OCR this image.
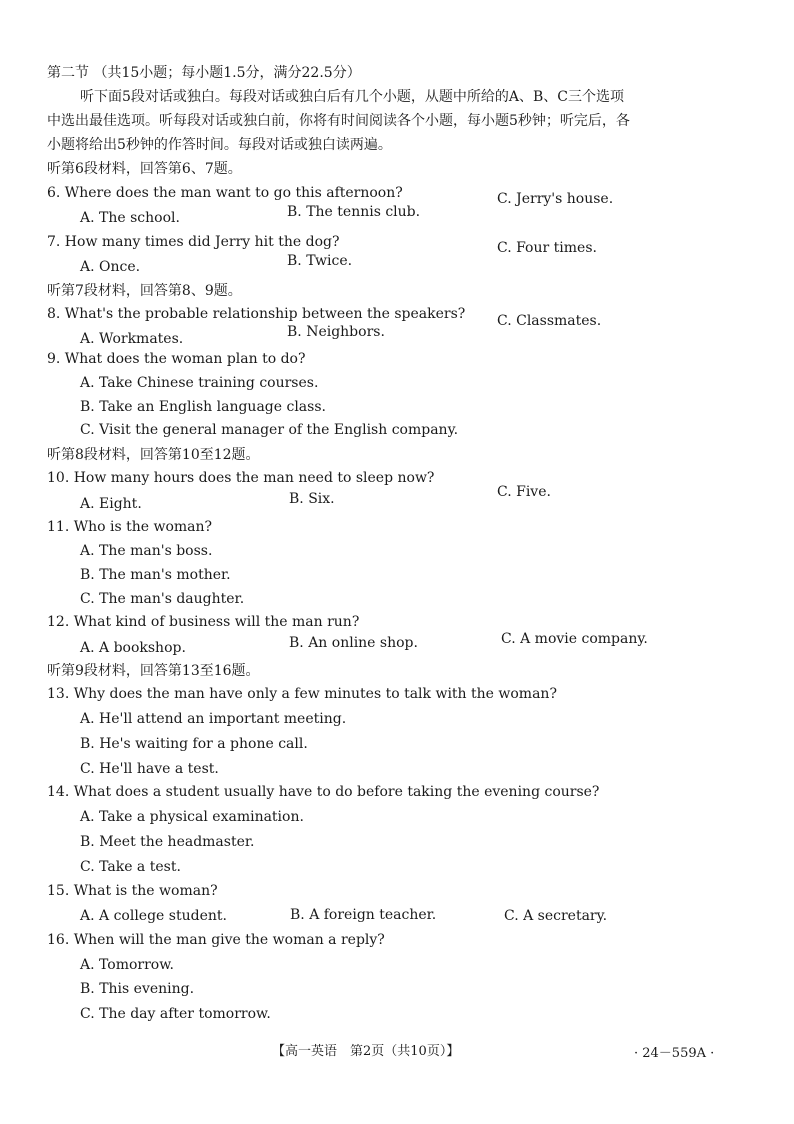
第二节 （共15小题；每小题1.5分，满分22.5分）
听下面5段对话或独白。每段对话或独白后有几个小题，从题中所给的A、B、C三个选项
中选出最佳选项。听每段对话或独白前，你将有时间阅读各个小题，每小题5秒钟；听完后，各
小题将给出5秒钟的作答时间。每段对话或独白读两遍。
听第6段材料，回答第6、7题。
6. Where does the man want to go this afternoon?
A. The school.	B. The tennis club.
C. Jerry's house.
7. How many times did Jerry hit the dog?
A. Once.	B. Twice.
C. Four times.
听第7段材料，回答第8、9题。
8. What's the probable relationship between the speakers?
A. Workmates.	B. Neighbors.
C. Classmates.
9. What does the woman plan to do?
A. Take Chinese training courses.
B. Take an English language class.
C. Visit the general manager of the English company.
听第8段材料，回答第10至12题。
10. How many hours does the man need to sleep now?
A. Eight.	B. Six.	C. Five.
11. Who is the woman?
A. The man's boss.
B. The man's mother.
C. The man's daughter.
12. What kind of business will the man run?
A. A bookshop.	B. An online shop.	C. A movie company.
听第9段材料，回答第13至16题。
13. Why does the man have only a few minutes to talk with the woman?
A. He'll attend an important meeting.
B. He's waiting for a phone call.
C. He'll have a test.
14. What does a student usually have to do before taking the evening course?
A. Take a physical examination.
B. Meet the headmaster.
C. Take a test.
15. What is the woman?
A. A college student.	B. A foreign teacher.	C. A secretary.
16. When will the man give the woman a reply?
A. Tomorrow.
B. This evening.
C. The day after tomorrow.
【高一英语　第2页（共10页）】	· 24－559A ·
